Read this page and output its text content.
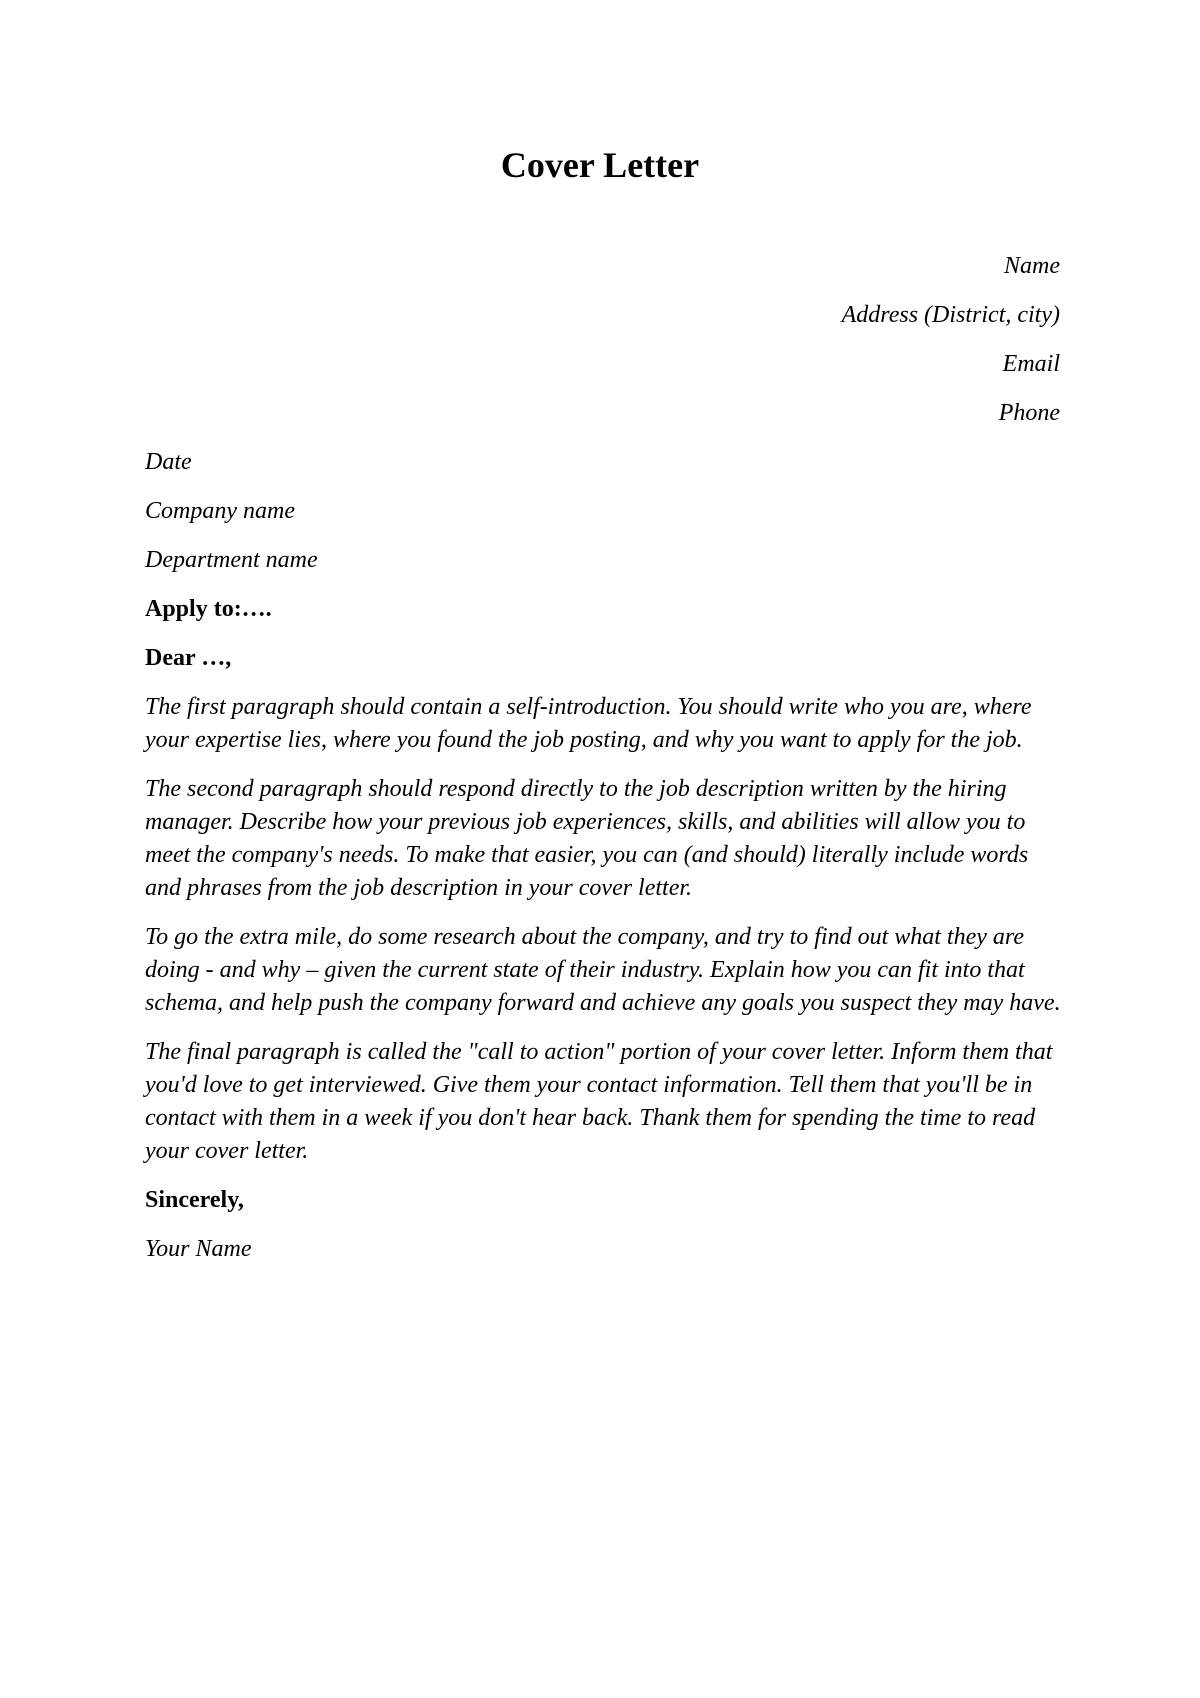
Cover Letter
Name
Address (District, city)
Email
Phone
Date
Company name
Department name
Apply to:….
Dear …,

The first paragraph should contain a self-introduction. You should write who you are, where your expertise lies, where you found the job posting, and why you want to apply for the job.

The second paragraph should respond directly to the job description written by the hiring manager. Describe how your previous job experiences, skills, and abilities will allow you to meet the company's needs. To make that easier, you can (and should) literally include words and phrases from the job description in your cover letter.

To go the extra mile, do some research about the company, and try to find out what they are doing - and why – given the current state of their industry. Explain how you can fit into that schema, and help push the company forward and achieve any goals you suspect they may have.

The final paragraph is called the "call to action" portion of your cover letter. Inform them that you'd love to get interviewed. Give them your contact information. Tell them that you'll be in contact with them in a week if you don't hear back. Thank them for spending the time to read your cover letter.

Sincerely,
Your Name
